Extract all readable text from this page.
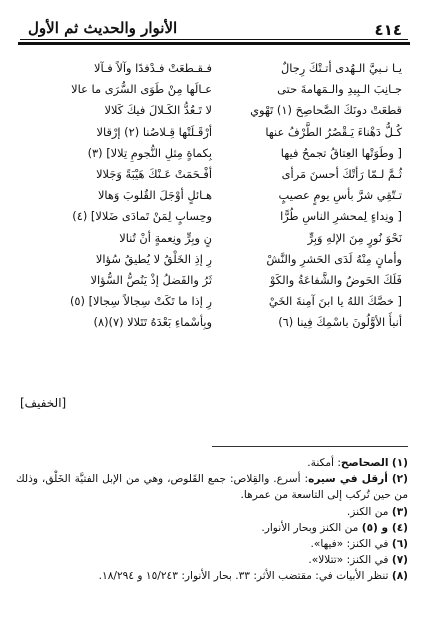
٤١٤
الأنوار والحديث ثم الأول
يـا نـبيَّ الـهُدى أتـتْكَ رِجالٌ
فـقـطعَتْ فـدْفدًا وآلاً فـآلا
جـانِبَ الـبِيدِ والـمَهامةَ حتى
عـالَها مِنْ طَوَى السُّرَى ما عالا
قطعَتْ دونَكَ الصَّحاصِحَ (١) تَهْوي
لا تَـعُدُّ الكَـلالَ فيكَ كَلالا
كُـلُّ دَهْناءَ يَـقْصُرُ الطَّرْفُ عنها
أرْقَـلَتْها قِـلاصُنا (٢) إرْقالا
[ وطَوَتْها العِتاقُ تجمحُ فيها
بِكماةٍ مِثلِ النُّجومِ تِلالا] (٣)
ثُـمَّ لـمّا رَأتْكَ أحسنَ مَرأى
أفْـحَمَتْ عَـنْكَ هَيْبَةً وَجَلالا
تـتّقِي شرَّ بأسِ يومٍ عصيبٍ
هـائلٍ أوْجَلَ القُلوبَ وَهالا
[ ونِداءٍ لِمحشرِ الناسِ طُرًّا
وحِسابٍ لِمَنْ تَمادَى ضَلالا] (٤)
نَحْوَ نُورٍ مِنَ الإلهِ وَبِرٍّ
نٍ وبِرٍّ ونِعمةٍ أنْ تُنالا
وأمانٍ مِنْهُ لَدَى الحَشرِ والنَّشْ
رِ إذِ الخَلْقُ لا يُطيقُ سُؤالا
فَلَكَ الحَوضُ والشَّفاعَةُ والكَوْ
ثَرُ والفَضلُ إذْ يَنُصُّ السُّؤالا
[ خصَّكَ اللهُ يا ابنَ آمِنةَ الخَيْ
رِ إذا ما تَكَتْ سِجالاً سِجالا] (٥)
أنبأَ الأوَّلُونَ باسْمِكَ فِينا (٦)
وبِأسْماءِ بَعْدَهُ تَتَلالا (٧)(٨)
[الخفيف]
(١) الصحاصح: أمكنة.
(٢) أرقل في سيره: أسرع. والقِلاص: جمع القَلوص، وهي من الإبل الفتيَّة الخَلْق، وذلك من حين تُركب إلى التاسعة من عمرها.
(٣) من الكنز.
(٤) و (٥) من الكنز وبحار الأنوار.
(٦) في الكنز: «فيها».
(٧) في الكنز: «تتلالا».
(٨) تنظر الأبيات في: مقتضب الأثر: ٣٣. بحار الأنوار: ١٥/٢٤٣ و ١٨/٢٩٤.
